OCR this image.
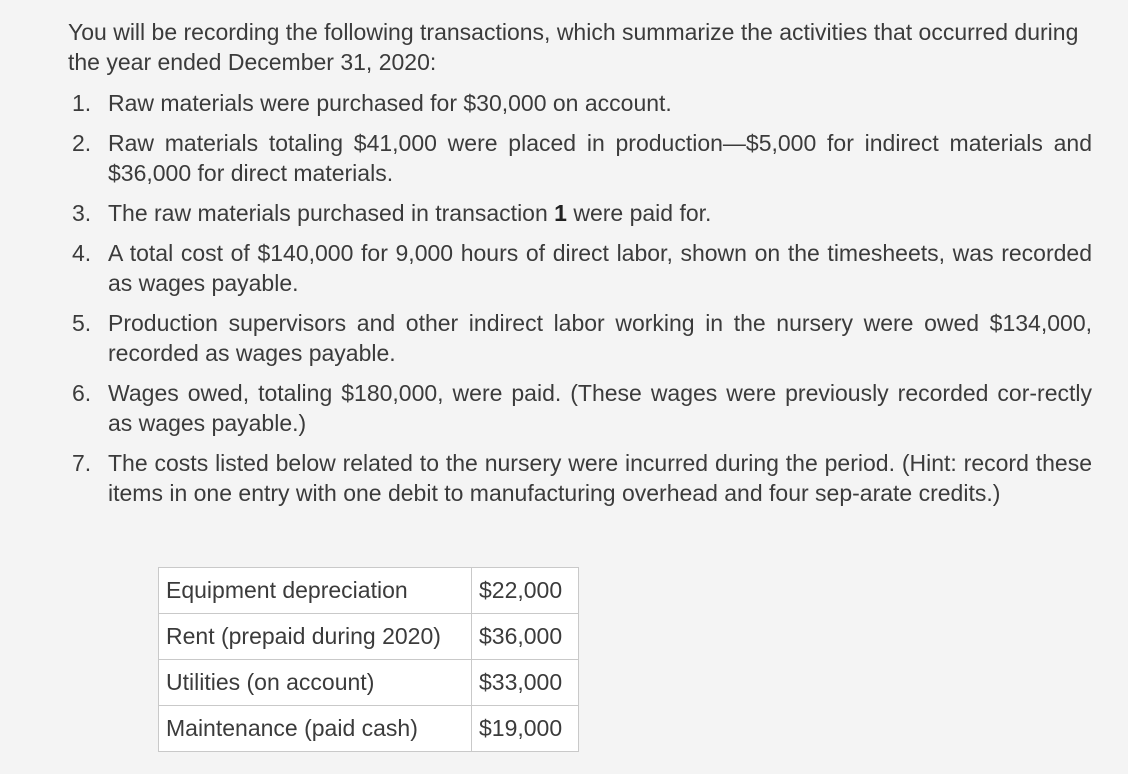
You will be recording the following transactions, which summarize the activities that occurred during the year ended December 31, 2020:

1. Raw materials were purchased for $30,000 on account.
2. Raw materials totaling $41,000 were placed in production—$5,000 for indirect materials and $36,000 for direct materials.
3. The raw materials purchased in transaction 1 were paid for.
4. A total cost of $140,000 for 9,000 hours of direct labor, shown on the timesheets, was recorded as wages payable.
5. Production supervisors and other indirect labor working in the nursery were owed $134,000, recorded as wages payable.
6. Wages owed, totaling $180,000, were paid. (These wages were previously recorded cor-rectly as wages payable.)
7. The costs listed below related to the nursery were incurred during the period. (Hint: record these items in one entry with one debit to manufacturing overhead and four sep-arate credits.)
Equipment depreciation	$22,000
Rent (prepaid during 2020)	$36,000
Utilities (on account)	$33,000
Maintenance (paid cash)	$19,000
